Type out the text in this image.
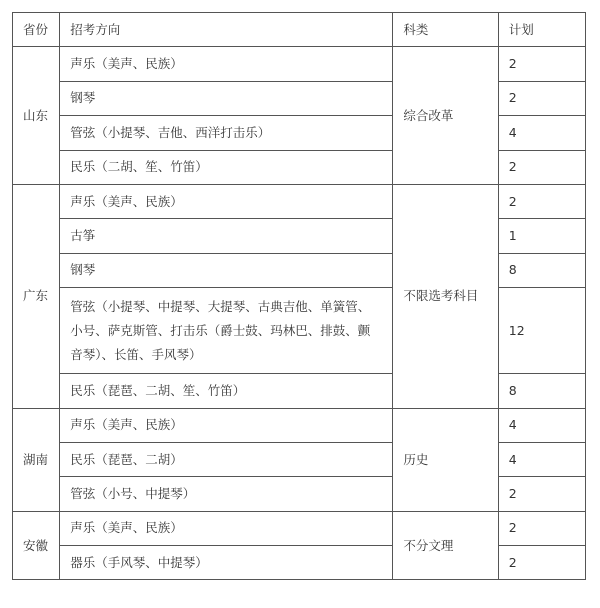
省份	招考方向	科类	计划
山东	声乐（美声、民族）	综合改革	2
	钢琴		2
	管弦（小提琴、吉他、西洋打击乐）		4
	民乐（二胡、笙、竹笛）		2
广东	声乐（美声、民族）	不限选考科目	2
	古筝		1
	钢琴		8
	管弦（小提琴、中提琴、大提琴、古典吉他、单簧管、小号、萨克斯管、打击乐（爵士鼓、玛林巴、排鼓、颤音琴）、长笛、手风琴）		12
	民乐（琵琶、二胡、笙、竹笛）		8
湖南	声乐（美声、民族）	历史	4
	民乐（琵琶、二胡）		4
	管弦（小号、中提琴）		2
安徽	声乐（美声、民族）	不分文理	2
	器乐（手风琴、中提琴）		2
